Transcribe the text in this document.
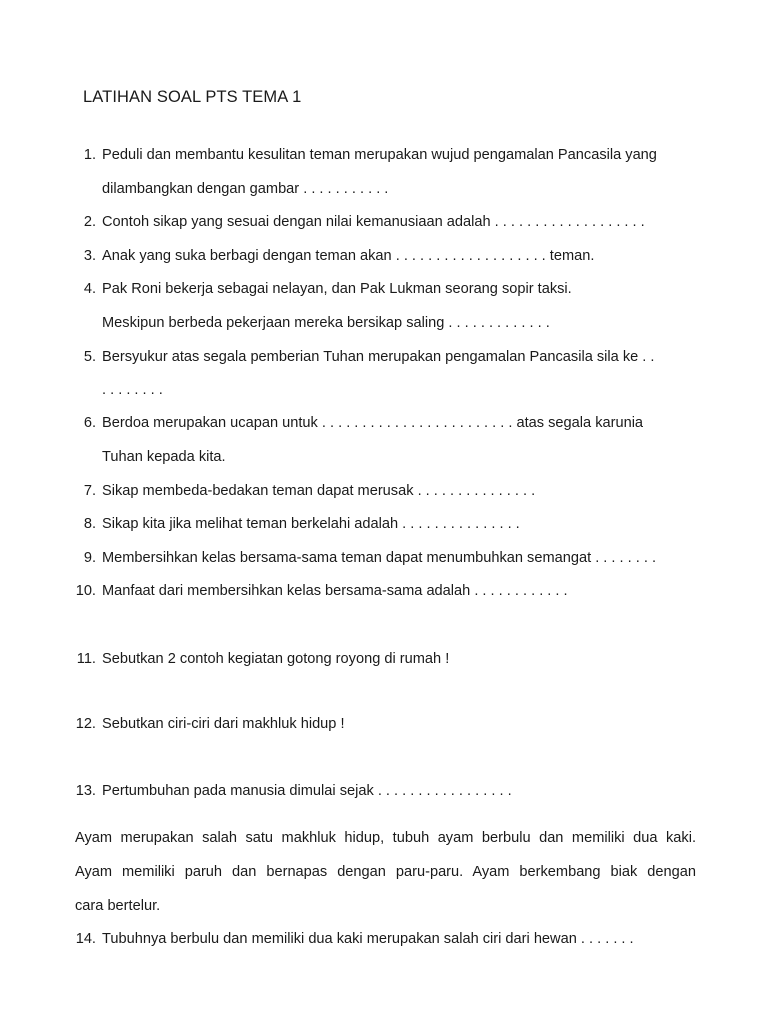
LATIHAN SOAL PTS TEMA 1
1. Peduli dan membantu kesulitan teman merupakan wujud pengamalan Pancasila yang
dilambangkan dengan gambar . . . . . . . . . . .
2. Contoh sikap yang sesuai dengan nilai kemanusiaan adalah . . . . . . . . . . . . . . . . . . .
3. Anak yang suka berbagi dengan teman akan . . . . . . . . . . . . . . . . . . . teman.
4. Pak Roni bekerja sebagai nelayan, dan Pak Lukman seorang sopir taksi.
Meskipun berbeda pekerjaan mereka bersikap saling . . . . . . . . . . . . .
5. Bersyukur atas segala pemberian Tuhan merupakan pengamalan Pancasila sila ke . .
. . . . . . . .
6. Berdoa merupakan ucapan untuk . . . . . . . . . . . . . . . . . . . . . . . . atas segala karunia
Tuhan kepada kita.
7. Sikap membeda-bedakan teman dapat merusak . . . . . . . . . . . . . . .
8. Sikap kita jika melihat teman berkelahi adalah . . . . . . . . . . . . . . .
9. Membersihkan kelas bersama-sama teman dapat menumbuhkan semangat . . . . . . . .
10. Manfaat dari membersihkan kelas bersama-sama adalah . . . . . . . . . . . .
11. Sebutkan 2 contoh kegiatan gotong royong di rumah !
12. Sebutkan ciri-ciri dari makhluk hidup !
13. Pertumbuhan pada manusia dimulai sejak . . . . . . . . . . . . . . . . .
Ayam merupakan salah satu makhluk hidup, tubuh ayam berbulu dan memiliki dua kaki.
Ayam memiliki paruh dan bernapas dengan paru-paru. Ayam berkembang biak dengan
cara bertelur.
14. Tubuhnya berbulu dan memiliki dua kaki merupakan salah ciri dari hewan . . . . . . .
